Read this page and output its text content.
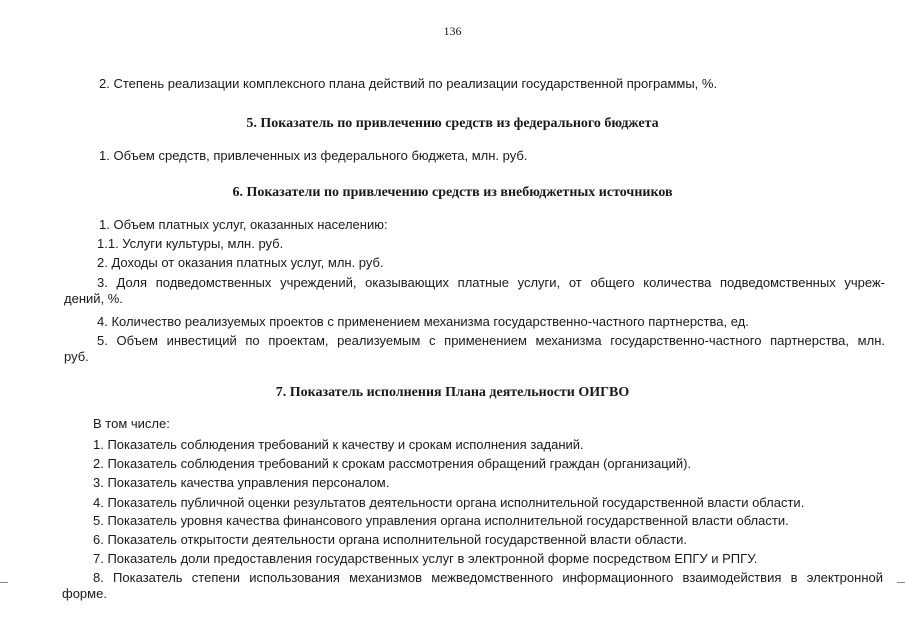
136
2. Степень реализации комплексного плана действий по реализации государственной программы, %.
5. Показатель по привлечению средств из федерального бюджета
1. Объем средств, привлеченных из федерального бюджета, млн. руб.
6. Показатели по привлечению средств из внебюджетных источников
1. Объем платных услуг, оказанных населению:
1.1. Услуги культуры, млн. руб.
2. Доходы от оказания платных услуг, млн. руб.
3. Доля подведомственных учреждений, оказывающих платные услуги, от общего количества подведомственных учреж-
дений, %.
4. Количество реализуемых проектов с применением механизма государственно-частного партнерства, ед.
5. Объем инвестиций по проектам, реализуемым с применением механизма государственно-частного партнерства, млн.
руб.
7. Показатель исполнения Плана деятельности ОИГВО
В том числе:
1. Показатель соблюдения требований к качеству и срокам исполнения заданий.
2. Показатель соблюдения требований к срокам рассмотрения обращений граждан (организаций).
3. Показатель качества управления персоналом.
4. Показатель публичной оценки результатов деятельности органа исполнительной государственной власти области.
5. Показатель уровня качества финансового управления органа исполнительной государственной власти области.
6. Показатель открытости деятельности органа исполнительной государственной власти области.
7. Показатель доли предоставления государственных услуг в электронной форме посредством ЕПГУ и РПГУ.
8. Показатель степени использования механизмов межведомственного информационного взаимодействия в электронной
форме.
